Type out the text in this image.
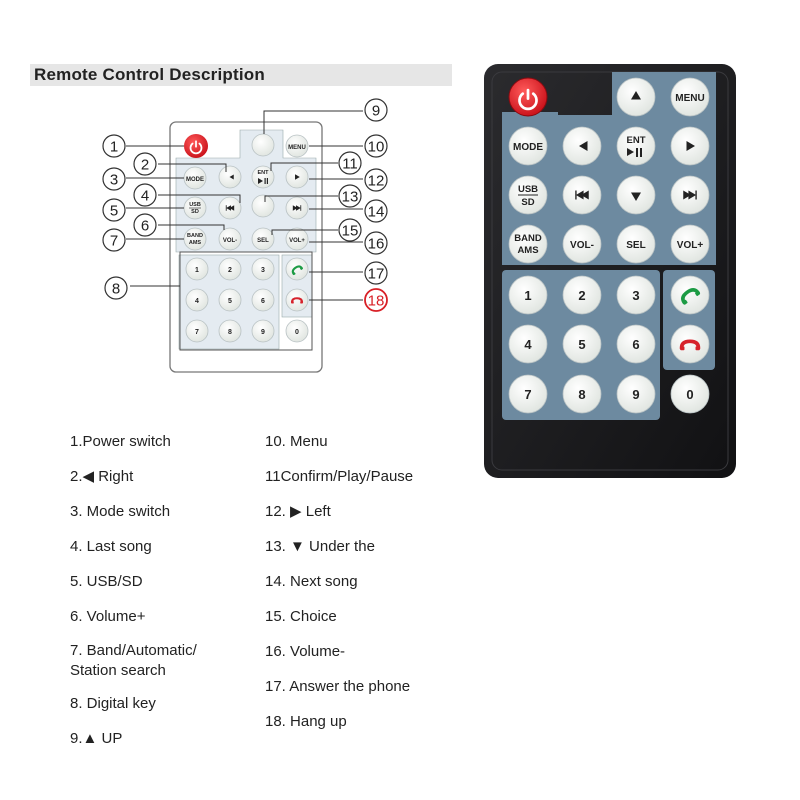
Remote Control Description
MENU
MODE
ENT
USB
SD
BAND
AMS	VOL-	SEL	VOL+
1	2	3
4	5	6
7	8	9	0
1
2
3
4
5
6
7
8
9
10
11
12
13
14
15
16
17
18
MENU
MODE
ENT
USB
SD
BAND
AMS	VOL-	SEL	VOL+
1	2	3
4	5	6
7	8	9	0
1.Power switch
2.◀ Right
3. Mode switch
4. Last song
5. USB/SD
6. Volume+
7. Band/Automatic/ Station search
8. Digital key
9.▲ UP
10. Menu
11Confirm/Play/Pause
12. ▶ Left
13. ▼ Under the
14. Next song
15. Choice
16. Volume-
17. Answer the phone
18. Hang up
